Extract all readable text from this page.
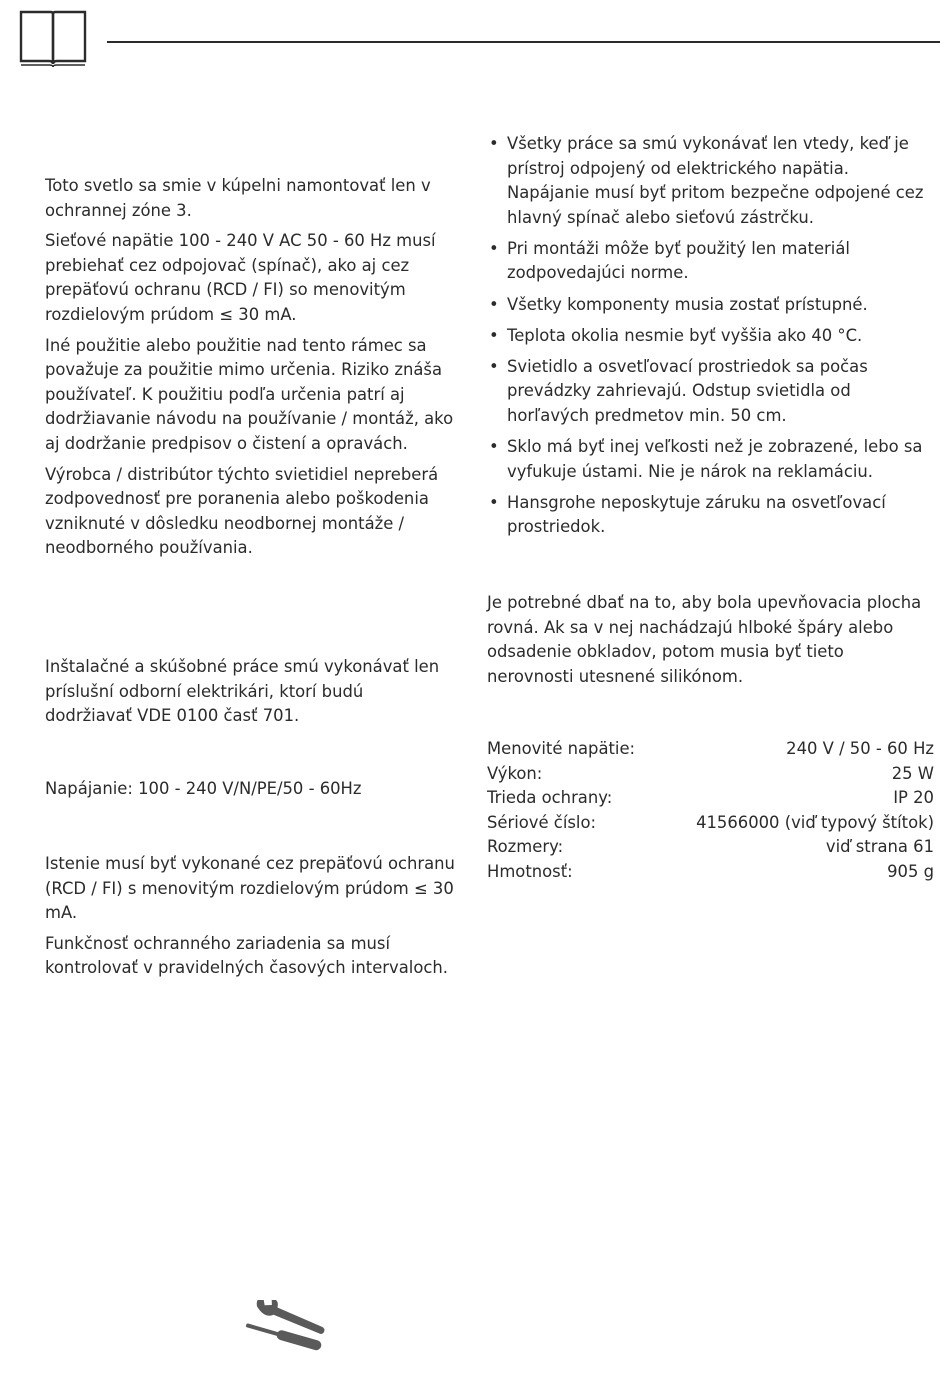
Toto svetlo sa smie v kúpelni namontovať len v ochrannej zóne 3.

Sieťové napätie 100 - 240 V AC 50 - 60 Hz musí prebiehať cez odpojovač (spínač), ako aj cez prepäťovú ochranu (RCD / FI) so menovitým rozdielovým prúdom ≤ 30 mA.

Iné použitie alebo použitie nad tento rámec sa považuje za použitie mimo určenia. Riziko znáša používateľ. K použitiu podľa určenia patrí aj dodržiavanie návodu na používanie / montáž, ako aj dodržanie predpisov o čistení a opravách.

Výrobca / distribútor týchto svietidiel nepreberá zodpovednosť pre poranenia alebo poškodenia vzniknuté v dôsledku neodbornej montáže / neodborného používania.

Inštalačné a skúšobné práce smú vykonávať len príslušní odborní elektrikári, ktorí budú dodržiavať VDE 0100 časť 701.

Napájanie: 100 - 240 V/N/PE/50 - 60Hz

Istenie musí byť vykonané cez prepäťovú ochranu (RCD / FI) s menovitým rozdielovým prúdom ≤ 30 mA.

Funkčnosť ochranného zariadenia sa musí kontrolovať v pravidelných časových intervaloch.

• Všetky práce sa smú vykonávať len vtedy, keď je prístroj odpojený od elektrického napätia. Napájanie musí byť pritom bezpečne odpojené cez hlavný spínač alebo sieťovú zástrčku.
• Pri montáži môže byť použitý len materiál zodpovedajúci norme.
• Všetky komponenty musia zostať prístupné.
• Teplota okolia nesmie byť vyššia ako 40 °C.
• Svietidlo a osvetľovací prostriedok sa počas prevádzky zahrievajú. Odstup svietidla od horľavých predmetov min. 50 cm.
• Sklo má byť inej veľkosti než je zobrazené, lebo sa vyfukuje ústami. Nie je nárok na reklamáciu.
• Hansgrohe neposkytuje záruku na osvetľovací prostriedok.

Je potrebné dbať na to, aby bola upevňovacia plocha rovná. Ak sa v nej nachádzajú hlboké špáry alebo odsadenie obkladov, potom musia byť tieto nerovnosti utesnené silikónom.

Menovité napätie:	240 V / 50 - 60 Hz
Výkon:	25 W
Trieda ochrany:	IP 20
Sériové číslo:	41566000 (viď typový štítok)
Rozmery:	viď strana 61
Hmotnosť:	905 g
